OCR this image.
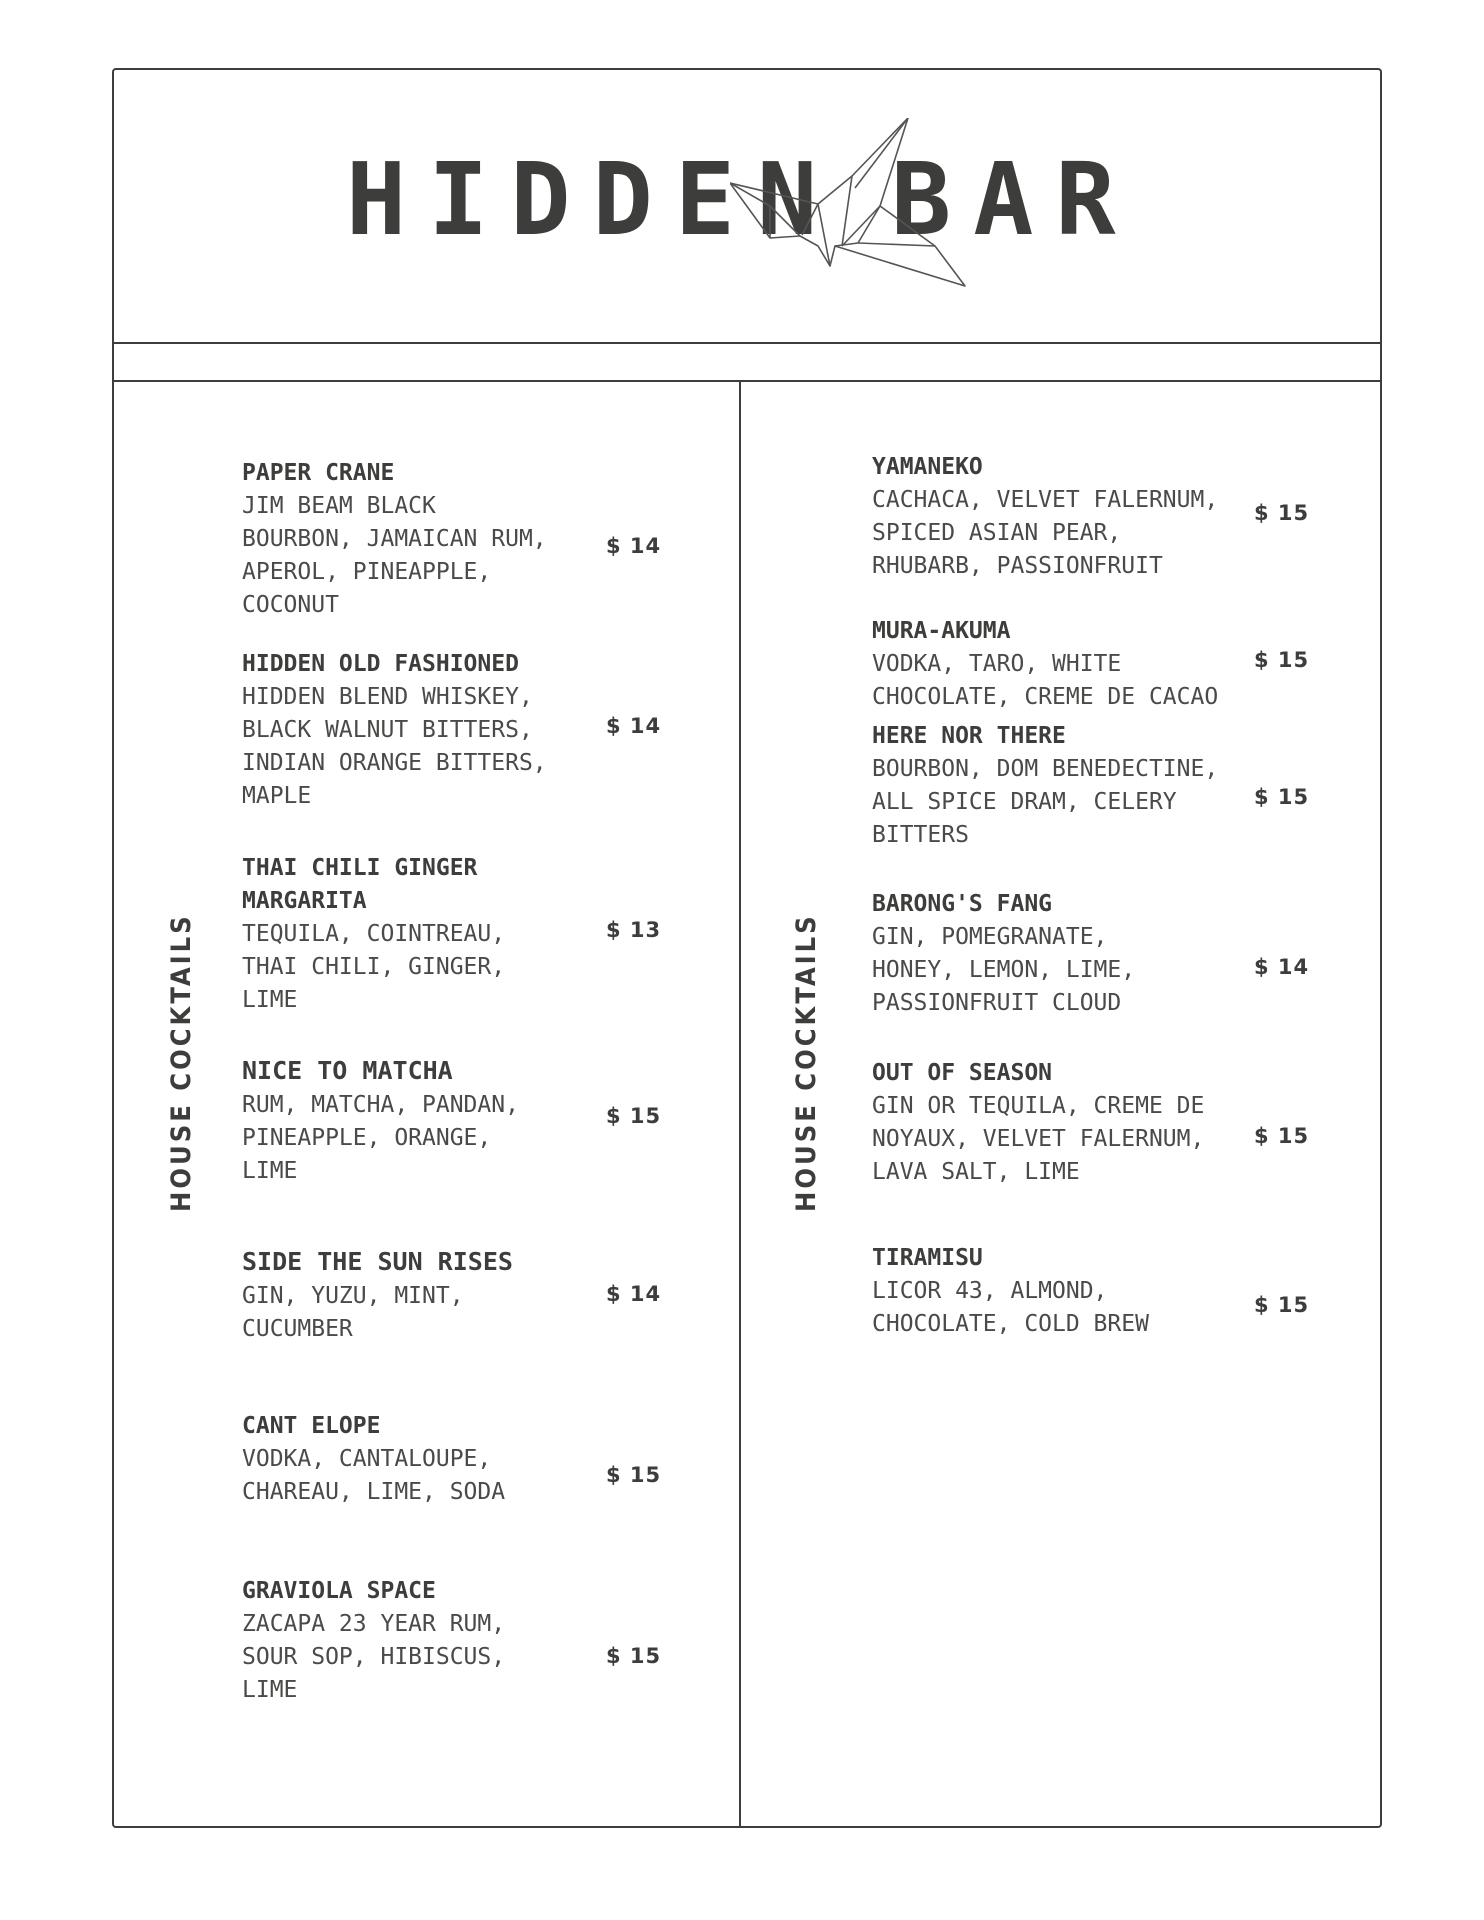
HIDDEN BAR
HOUSE COCKTAILS	HOUSE COCKTAILS
PAPER CRANE
JIM BEAM BLACK
BOURBON, JAMAICAN RUM,
APEROL, PINEAPPLE,
COCONUT
$ 14
HIDDEN OLD FASHIONED
HIDDEN BLEND WHISKEY,
BLACK WALNUT BITTERS,
INDIAN ORANGE BITTERS,
MAPLE
$ 14
THAI CHILI GINGER
MARGARITA
TEQUILA, COINTREAU,
THAI CHILI, GINGER,
LIME
$ 13
NICE TO MATCHA
RUM, MATCHA, PANDAN,
PINEAPPLE, ORANGE,
LIME
$ 15
SIDE THE SUN RISES
GIN, YUZU, MINT,
CUCUMBER
$ 14
CANT ELOPE
VODKA, CANTALOUPE,
CHAREAU, LIME, SODA
$ 15
GRAVIOLA SPACE
ZACAPA 23 YEAR RUM,
SOUR SOP, HIBISCUS,
LIME
$ 15
YAMANEKO
CACHACA, VELVET FALERNUM,
SPICED ASIAN PEAR,
RHUBARB, PASSIONFRUIT
$ 15
MURA-AKUMA
VODKA, TARO, WHITE
CHOCOLATE, CREME DE CACAO
$ 15
HERE NOR THERE
BOURBON, DOM BENEDECTINE,
ALL SPICE DRAM, CELERY
BITTERS
$ 15
BARONG'S FANG
GIN, POMEGRANATE,
HONEY, LEMON, LIME,
PASSIONFRUIT CLOUD
$ 14
OUT OF SEASON
GIN OR TEQUILA, CREME DE
NOYAUX, VELVET FALERNUM,
LAVA SALT, LIME
$ 15
TIRAMISU
LICOR 43, ALMOND,
CHOCOLATE, COLD BREW
$ 15
